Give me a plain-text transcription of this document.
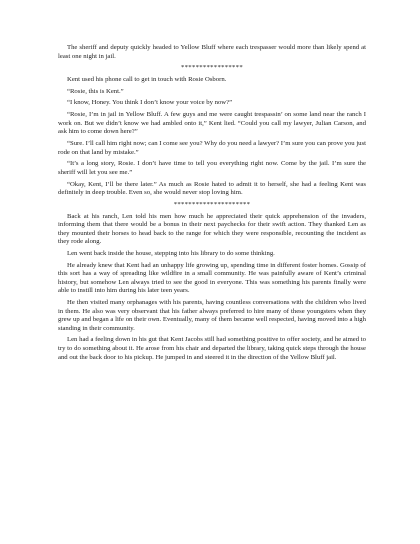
The sheriff and deputy quickly headed to Yellow Bluff where each trespasser would more than likely spend at least one night in jail.

*****************

Kent used his phone call to get in touch with Rosie Osborn.

“Rosie, this is Kent.”

“I know, Honey. You think I don’t know your voice by now?”

“Rosie, I’m in jail in Yellow Bluff. A few guys and me were caught trespassin’ on some land near the ranch I work on. But we didn’t know we had ambled onto it,” Kent lied. “Could you call my lawyer, Julian Carson, and ask him to come down here?”

“Sure. I’ll call him right now; can I come see you? Why do you need a lawyer? I’m sure you can prove you just rode on that land by mistake.”

“It’s a long story, Rosie. I don’t have time to tell you everything right now. Come by the jail. I’m sure the sheriff will let you see me.”

“Okay, Kent, I’ll be there later.” As much as Rosie hated to admit it to herself, she had a feeling Kent was definitely in deep trouble. Even so, she would never stop loving him.

*********************

Back at his ranch, Len told his men how much he appreciated their quick apprehension of the invaders, informing them that there would be a bonus in their next paychecks for their swift action. They thanked Len as they mounted their horses to head back to the range for which they were responsible, recounting the incident as they rode along.

Len went back inside the house, stepping into his library to do some thinking.

He already knew that Kent had an unhappy life growing up, spending time in different foster homes. Gossip of this sort has a way of spreading like wildfire in a small community. He was painfully aware of Kent’s criminal history, but somehow Len always tried to see the good in everyone. This was something his parents finally were able to instill into him during his later teen years.

He then visited many orphanages with his parents, having countless conversations with the children who lived in them. He also was very observant that his father always preferred to hire many of these youngsters when they grew up and began a life on their own. Eventually, many of them became well respected, having moved into a high standing in their community.

Len had a feeling down in his gut that Kent Jacobs still had something positive to offer society, and he aimed to try to do something about it. He arose from his chair and departed the library, taking quick steps through the house and out the back door to his pickup. He jumped in and steered it in the direction of the Yellow Bluff jail.
